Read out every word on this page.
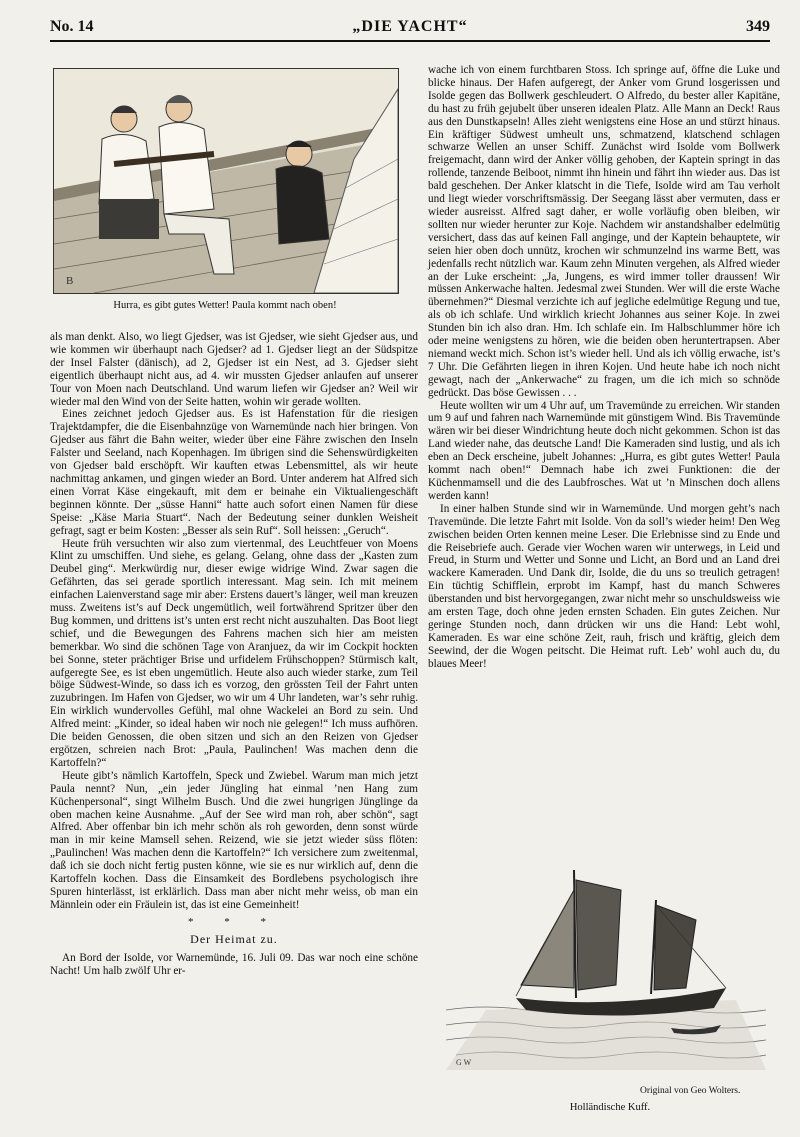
No. 14	„DIE YACHT“	349
B
Hurra, es gibt gutes Wetter! Paula kommt nach oben!

als man denkt. Also, wo liegt Gjedser, was ist Gjedser, wie sieht Gjedser aus, und wie kommen wir überhaupt nach Gjedser? ad 1. Gjedser liegt an der Südspitze der Insel Falster (dänisch), ad 2, Gjedser ist ein Nest, ad 3. Gjedser sieht eigentlich überhaupt nicht aus, ad 4. wir mussten Gjedser anlaufen auf unserer Tour von Moen nach Deutschland. Und warum liefen wir Gjedser an? Weil wir wieder mal den Wind von der Seite hatten, wohin wir gerade wollten.

Eines zeichnet jedoch Gjedser aus. Es ist Hafenstation für die riesigen Trajektdampfer, die die Eisenbahnzüge von Warnemünde nach hier bringen. Von Gjedser aus fährt die Bahn weiter, wieder über eine Fähre zwischen den Inseln Falster und Seeland, nach Kopenhagen. Im übrigen sind die Sehenswürdigkeiten von Gjedser bald erschöpft. Wir kauften etwas Lebensmittel, als wir heute nachmittag ankamen, und gingen wieder an Bord. Unter anderem hat Alfred sich einen Vorrat Käse eingekauft, mit dem er beinahe ein Viktualiengeschäft beginnen könnte. Der „süsse Hanni“ hatte auch sofort einen Namen für diese Speise: „Käse Maria Stuart“. Nach der Bedeutung seiner dunklen Weisheit gefragt, sagt er beim Kosten: „Besser als sein Ruf“. Soll heissen: „Geruch“.

Heute früh versuchten wir also zum viertenmal, des Leuchtfeuer von Moens Klint zu umschiffen. Und siehe, es gelang. Gelang, ohne dass der „Kasten zum Deubel ging“. Merkwürdig nur, dieser ewige widrige Wind. Zwar sagen die Gefährten, das sei gerade sportlich interessant. Mag sein. Ich mit meinem einfachen Laienverstand sage mir aber: Erstens dauert’s länger, weil man kreuzen muss. Zweitens ist’s auf Deck ungemütlich, weil fortwährend Spritzer über den Bug kommen, und drittens ist’s unten erst recht nicht auszuhalten. Das Boot liegt schief, und die Bewegungen des Fahrens machen sich hier am meisten bemerkbar. Wo sind die schönen Tage von Aranjuez, da wir im Cockpit hockten bei Sonne, steter prächtiger Brise und urfidelem Frühschoppen? Stürmisch kalt, aufgeregte See, es ist eben ungemütlich. Heute also auch wieder starke, zum Teil böige Südwest-Winde, so dass ich es vorzog, den grössten Teil der Fahrt unten zuzubringen. Im Hafen von Gjedser, wo wir um 4 Uhr landeten, war’s sehr ruhig. Ein wirklich wundervolles Gefühl, mal ohne Wackelei an Bord zu sein. Und Alfred meint: „Kinder, so ideal haben wir noch nie gelegen!“ Ich muss aufhören. Die beiden Genossen, die oben sitzen und sich an den Reizen von Gjedser ergötzen, schreien nach Brot: „Paula, Paulinchen! Was machen denn die Kartoffeln?“

Heute gibt’s nämlich Kartoffeln, Speck und Zwiebel. Warum man mich jetzt Paula nennt? Nun, „ein jeder Jüngling hat einmal ’nen Hang zum Küchenpersonal“, singt Wilhelm Busch. Und die zwei hungrigen Jünglinge da oben machen keine Ausnahme. „Auf der See wird man roh, aber schön“, sagt Alfred. Aber offenbar bin ich mehr schön als roh geworden, denn sonst würde man in mir keine Mamsell sehen. Reizend, wie sie jetzt wieder süss flöten: „Paulinchen! Was machen denn die Kartoffeln?“ Ich versichere zum zweitenmal, daß ich sie doch nicht fertig pusten könne, wie sie es nur wirklich auf, denn die Kartoffeln kochen. Dass die Einsamkeit des Bordlebens psychologisch ihre Spuren hinterlässt, ist erklärlich. Dass man aber nicht mehr weiss, ob man ein Männlein oder ein Fräulein ist, das ist eine Gemeinheit!

* * *
Der Heimat zu.

An Bord der Isolde, vor Warnemünde, 16. Juli 09. Das war noch eine schöne Nacht! Um halb zwölf Uhr er-

wache ich von einem furchtbaren Stoss. Ich springe auf, öffne die Luke und blicke hinaus. Der Hafen aufgeregt, der Anker vom Grund losgerissen und Isolde gegen das Bollwerk geschleudert. O Alfredo, du bester aller Kapitäne, du hast zu früh gejubelt über unseren idealen Platz. Alle Mann an Deck! Raus aus den Dunstkapseln! Alles zieht wenigstens eine Hose an und stürzt hinaus. Ein kräftiger Südwest umheult uns, schmatzend, klatschend schlagen schwarze Wellen an unser Schiff. Zunächst wird Isolde vom Bollwerk freigemacht, dann wird der Anker völlig gehoben, der Kaptein springt in das rollende, tanzende Beiboot, nimmt ihn hinein und fährt ihn wieder aus. Das ist bald geschehen. Der Anker klatscht in die Tiefe, Isolde wird am Tau verholt und liegt wieder vorschriftsmässig. Der Seegang lässt aber vermuten, dass er wieder ausreisst. Alfred sagt daher, er wolle vorläufig oben bleiben, wir sollten nur wieder herunter zur Koje. Nachdem wir anstandshalber edelmütig versichert, dass das auf keinen Fall anginge, und der Kaptein behauptete, wir seien hier oben doch unnütz, krochen wir schmunzelnd ins warme Bett, was jedenfalls recht nützlich war. Kaum zehn Minuten vergehen, als Alfred wieder an der Luke erscheint: „Ja, Jungens, es wird immer toller draussen! Wir müssen Ankerwache halten. Jedesmal zwei Stunden. Wer will die erste Wache übernehmen?“ Diesmal verzichte ich auf jegliche edelmütige Regung und tue, als ob ich schlafe. Und wirklich kriecht Johannes aus seiner Koje. In zwei Stunden bin ich also dran. Hm. Ich schlafe ein. Im Halbschlummer höre ich oder meine wenigstens zu hören, wie die beiden oben heruntertrapsen. Aber niemand weckt mich. Schon ist’s wieder hell. Und als ich völlig erwache, ist’s 7 Uhr. Die Gefährten liegen in ihren Kojen. Und heute habe ich noch nicht gewagt, nach der „Ankerwache“ zu fragen, um die ich mich so schnöde gedrückt. Das böse Gewissen . . .

Heute wollten wir um 4 Uhr auf, um Travemünde zu erreichen. Wir standen um 9 auf und fahren nach Warnemünde mit günstigem Wind. Bis Travemünde wären wir bei dieser Windrichtung heute doch nicht gekommen. Schon ist das Land wieder nahe, das deutsche Land! Die Kameraden sind lustig, und als ich eben an Deck erscheine, jubelt Johannes: „Hurra, es gibt gutes Wetter! Paula kommt nach oben!“ Demnach habe ich zwei Funktionen: die der Küchenmamsell und die des Laubfrosches. Wat ut ’n Minschen doch allens werden kann!

In einer halben Stunde sind wir in Warnemünde. Und morgen geht’s nach Travemünde. Die letzte Fahrt mit Isolde. Von da soll’s wieder heim! Den Weg zwischen beiden Orten kennen meine Leser. Die Erlebnisse sind zu Ende und die Reisebriefe auch. Gerade vier Wochen waren wir unterwegs, in Leid und Freud, in Sturm und Wetter und Sonne und Licht, an Bord und an Land drei wackere Kameraden. Und Dank dir, Isolde, die du uns so treulich getragen! Ein tüchtig Schifflein, erprobt im Kampf, hast du manch Schweres überstanden und bist hervorgegangen, zwar nicht mehr so unschuldsweiss wie am ersten Tage, doch ohne jeden ernsten Schaden. Ein gutes Zeichen. Nur geringe Stunden noch, dann drücken wir uns die Hand: Lebt wohl, Kameraden. Es war eine schöne Zeit, rauh, frisch und kräftig, gleich dem Seewind, der die Wogen peitscht. Die Heimat ruft. Leb’ wohl auch du, du blaues Meer!

G W
Original von Geo Wolters.
Holländische Kuff.
